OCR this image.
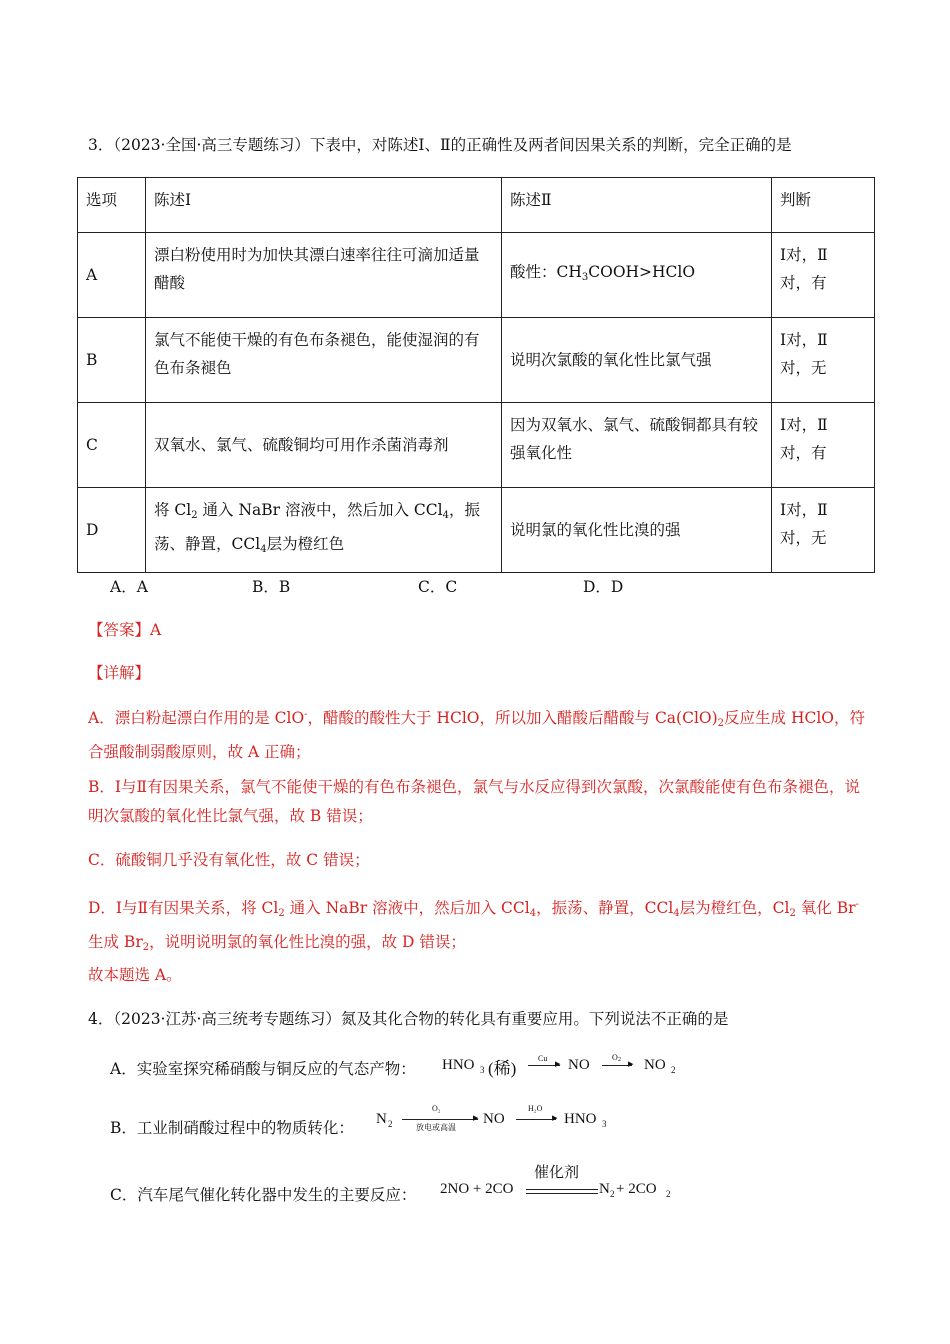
3．（2023·全国·高三专题练习）下表中，对陈述Ⅰ、Ⅱ的正确性及两者间因果关系的判断，完全正确的是
选项	陈述Ⅰ	陈述Ⅱ	判断
A	漂白粉使用时为加快其漂白速率往往可滴加适量醋酸	酸性：$CH_3COOH>HClO$	Ⅰ对，Ⅱ
对，有
B	氯气不能使干燥的有色布条褪色，能使湿润的有色布条褪色	说明次氯酸的氧化性比氯气强	Ⅰ对，Ⅱ
对，无
C	双氧水、氯气、硫酸铜均可用作杀菌消毒剂	因为双氧水、氯气、硫酸铜都具有较强氧化性	Ⅰ对，Ⅱ
对，有
D	将 $Cl_2$ 通入 NaBr 溶液中，然后加入 CCl$_4$，振荡、静置，CCl$_4$层为橙红色	说明氯的氧化性比溴的强	Ⅰ对，Ⅱ
对，无
A．A	B．B	C．C	D．D
【答案】A
【详解】
A．漂白粉起漂白作用的是 ClO-，醋酸的酸性大于 HClO，所以加入醋酸后醋酸与 $Ca(ClO)_2$反应生成 HClO，符合强酸制弱酸原则，故 A 正确；
B．Ⅰ与Ⅱ有因果关系，氯气不能使干燥的有色布条褪色，氯气与水反应得到次氯酸，次氯酸能使有色布条褪色，说明次氯酸的氧化性比氯气强，故 B 错误；
C．硫酸铜几乎没有氧化性，故 C 错误；
D．Ⅰ与Ⅱ有因果关系，将 $Cl_2$ 通入 NaBr 溶液中，然后加入 CCl$_4$，振荡、静置，CCl$_4$层为橙红色，$Cl_2$ 氧化 Br-生成 $Br_2$，说明说明氯的氧化性比溴的强，故 D 错误；
故本题选 A。
4．（2023·江苏·高三统考专题练习）氮及其化合物的转化具有重要应用。下列说法不正确的是
A．实验室探究稀硝酸与铜反应的气态产物： HNO 3 (稀)
Cu ▸ NO	O 2 ▸ NO 2
B．工业制硝酸过程中的物质转化： N 2
O₂
▸
放电或高温
NO
H₂O
▸ HNO 3
C．汽车尾气催化转化器中发生的主要反应： 2NO + 2CO
催化剂
N 2 + 2CO 2
